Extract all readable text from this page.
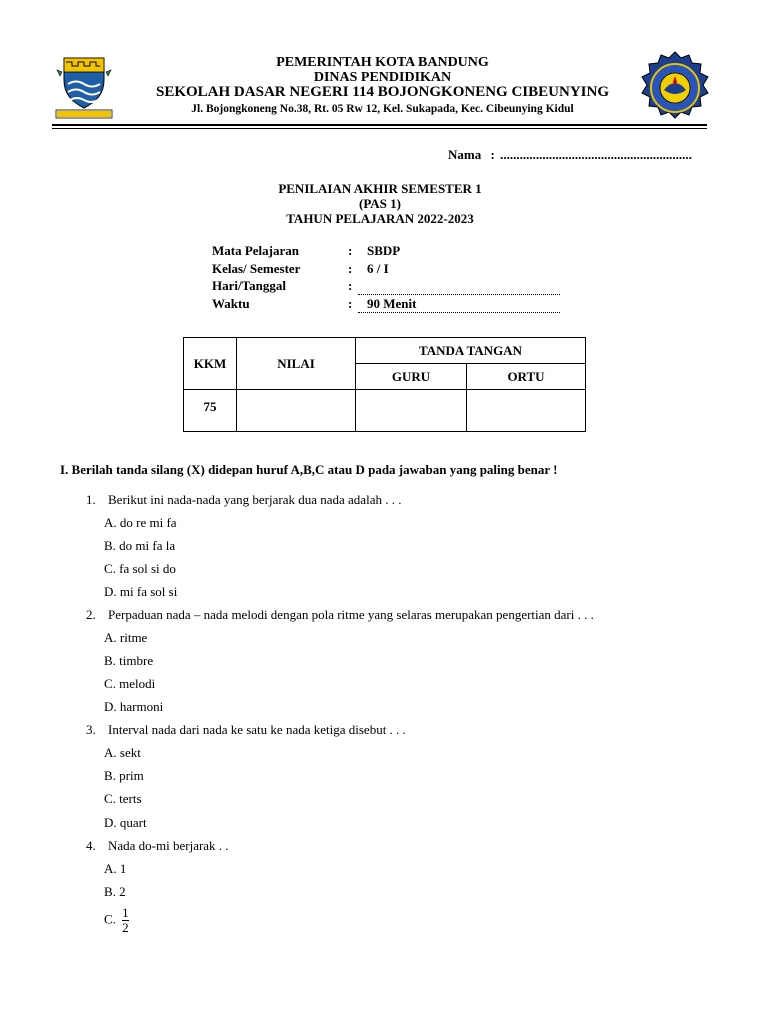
PEMERINTAH KOTA BANDUNG
DINAS PENDIDIKAN
SEKOLAH DASAR NEGERI 114 BOJONGKONENG CIBEUNYING
Jl. Bojongkoneng No.38, Rt. 05 Rw 12, Kel. Sukapada, Kec. Cibeunying Kidul
Nama : ...........................................................
PENILAIAN AKHIR SEMESTER 1
(PAS 1)
TAHUN PELAJARAN 2022-2023
Mata Pelajaran	: SBDP
Kelas/ Semester	: 6 / I
Hari/Tanggal	:
Waktu	: 90 Menit
KKM	NILAI	TANDA TANGAN	
		GURU	ORTU
75			
I. Berilah tanda silang (X) didepan huruf A,B,C atau D pada jawaban yang paling benar !
1. Berikut ini nada-nada yang berjarak dua nada adalah . . .
A. do re mi fa
B. do mi fa la
C. fa sol si do
D. mi fa sol si
2. Perpaduan nada – nada melodi dengan pola ritme yang selaras merupakan pengertian dari . . .
A. ritme
B. timbre
C. melodi
D. harmoni
3. Interval nada dari nada ke satu ke nada ketiga disebut . . .
A. sekt
B. prim
C. terts
D. quart
4. Nada do-mi berjarak . .
A. 1
B. 2
C. $\frac{1}{2}$
